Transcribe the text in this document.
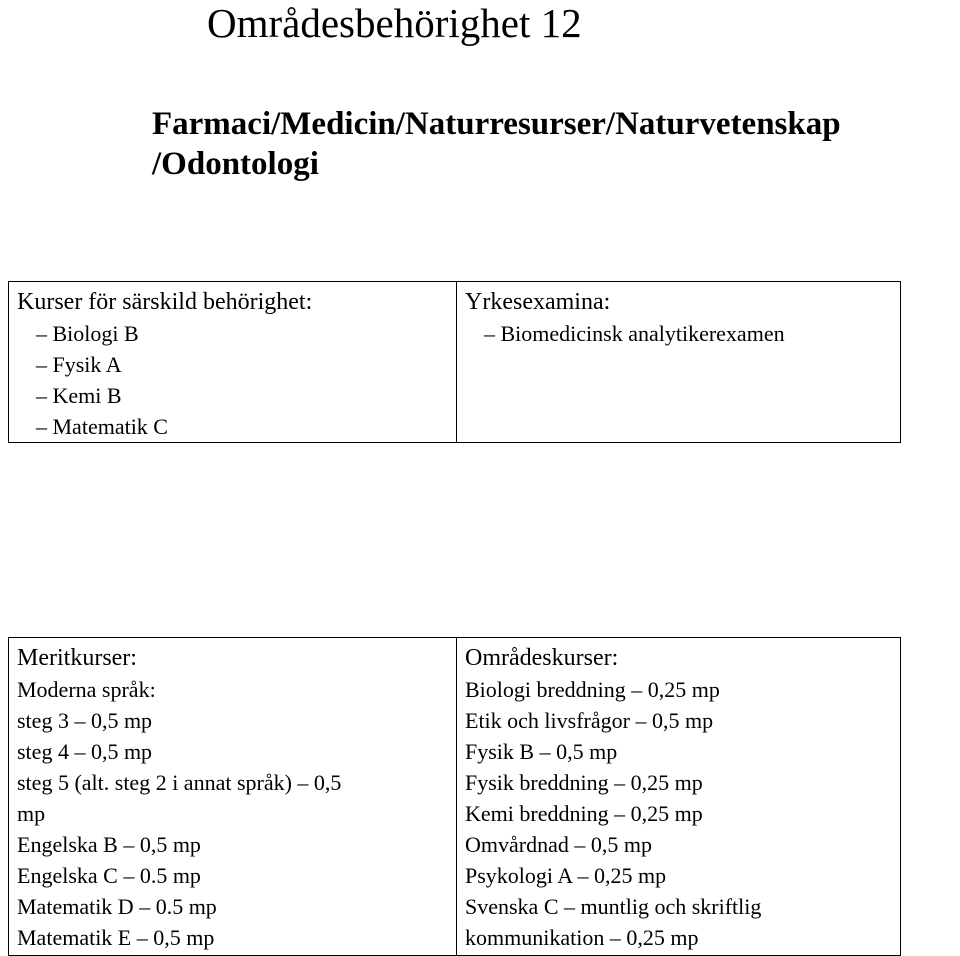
Områdesbehörighet 12
Farmaci/Medicin/Naturresurser/Naturvetenskap
/Odontologi
Kurser för särskild behörighet:
– Biologi B
– Fysik A
– Kemi B
– Matematik C
Yrkesexamina:
– Biomedicinsk analytikerexamen
Meritkurser:
Moderna språk:
steg 3 – 0,5 mp
steg 4 – 0,5 mp
steg 5 (alt. steg 2 i annat språk) – 0,5
mp
Engelska B – 0,5 mp
Engelska C – 0.5 mp
Matematik D – 0.5 mp
Matematik E – 0,5 mp
Områdeskurser:
Biologi breddning – 0,25 mp
Etik och livsfrågor – 0,5 mp
Fysik B – 0,5 mp
Fysik breddning – 0,25 mp
Kemi breddning – 0,25 mp
Omvårdnad – 0,5 mp
Psykologi A – 0,25 mp
Svenska C – muntlig och skriftlig
kommunikation – 0,25 mp
